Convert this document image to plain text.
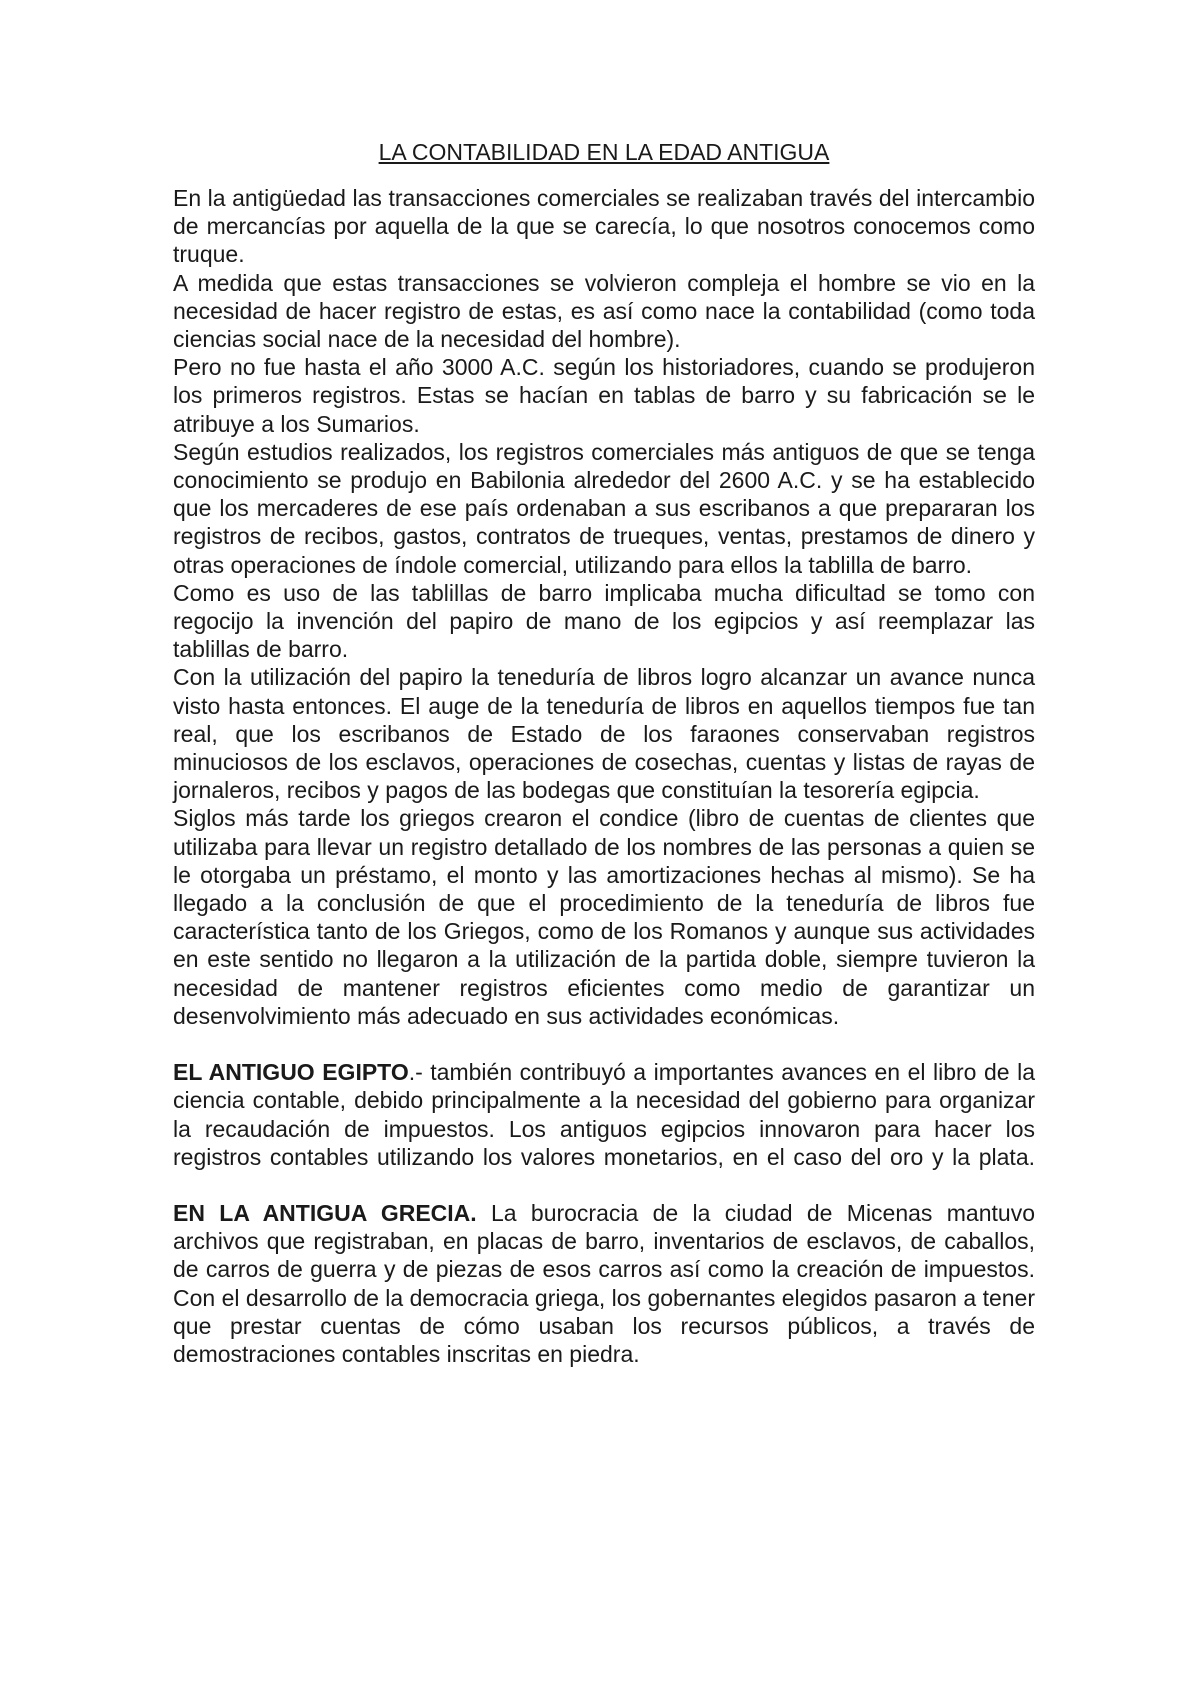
LA CONTABILIDAD EN LA EDAD ANTIGUA

En la antigüedad las transacciones comerciales se realizaban través del intercambio de mercancías por aquella de la que se carecía, lo que nosotros conocemos como truque.

A medida que estas transacciones se volvieron compleja el hombre se vio en la necesidad de hacer registro de estas, es así como nace la contabilidad (como toda ciencias social nace de la necesidad del hombre).

Pero no fue hasta el año 3000 A.C. según los historiadores, cuando se produjeron los primeros registros. Estas se hacían en tablas de barro y su fabricación se le atribuye a los Sumarios.

Según estudios realizados, los registros comerciales más antiguos de que se tenga conocimiento se produjo en Babilonia alrededor del 2600 A.C. y se ha establecido que los mercaderes de ese país ordenaban a sus escribanos a que prepararan los registros de recibos, gastos, contratos de trueques, ventas, prestamos de dinero y otras operaciones de índole comercial, utilizando para ellos la tablilla de barro.

Como es uso de las tablillas de barro implicaba mucha dificultad se tomo con regocijo la invención del papiro de mano de los egipcios y así reemplazar las tablillas de barro.

Con la utilización del papiro la teneduría de libros logro alcanzar un avance nunca visto hasta entonces. El auge de la teneduría de libros en aquellos tiempos fue tan real, que los escribanos de Estado de los faraones conservaban registros minuciosos de los esclavos, operaciones de cosechas, cuentas y listas de rayas de jornaleros, recibos y pagos de las bodegas que constituían la tesorería egipcia.

Siglos más tarde los griegos crearon el condice (libro de cuentas de clientes que utilizaba para llevar un registro detallado de los nombres de las personas a quien se le otorgaba un préstamo, el monto y las amortizaciones hechas al mismo). Se ha llegado a la conclusión de que el procedimiento de la teneduría de libros fue característica tanto de los Griegos, como de los Romanos y aunque sus actividades en este sentido no llegaron a la utilización de la partida doble, siempre tuvieron la necesidad de mantener registros eficientes como medio de garantizar un desenvolvimiento más adecuado en sus actividades económicas.

EL ANTIGUO EGIPTO.- también contribuyó a importantes avances en el libro de la ciencia contable, debido principalmente a la necesidad del gobierno para organizar la recaudación de impuestos. Los antiguos egipcios innovaron para hacer los registros contables utilizando los valores monetarios, en el caso del oro y la plata.

EN LA ANTIGUA GRECIA. La burocracia de la ciudad de Micenas mantuvo archivos que registraban, en placas de barro, inventarios de esclavos, de caballos, de carros de guerra y de piezas de esos carros así como la creación de impuestos. Con el desarrollo de la democracia griega, los gobernantes elegidos pasaron a tener que prestar cuentas de cómo usaban los recursos públicos, a través de demostraciones contables inscritas en piedra.
